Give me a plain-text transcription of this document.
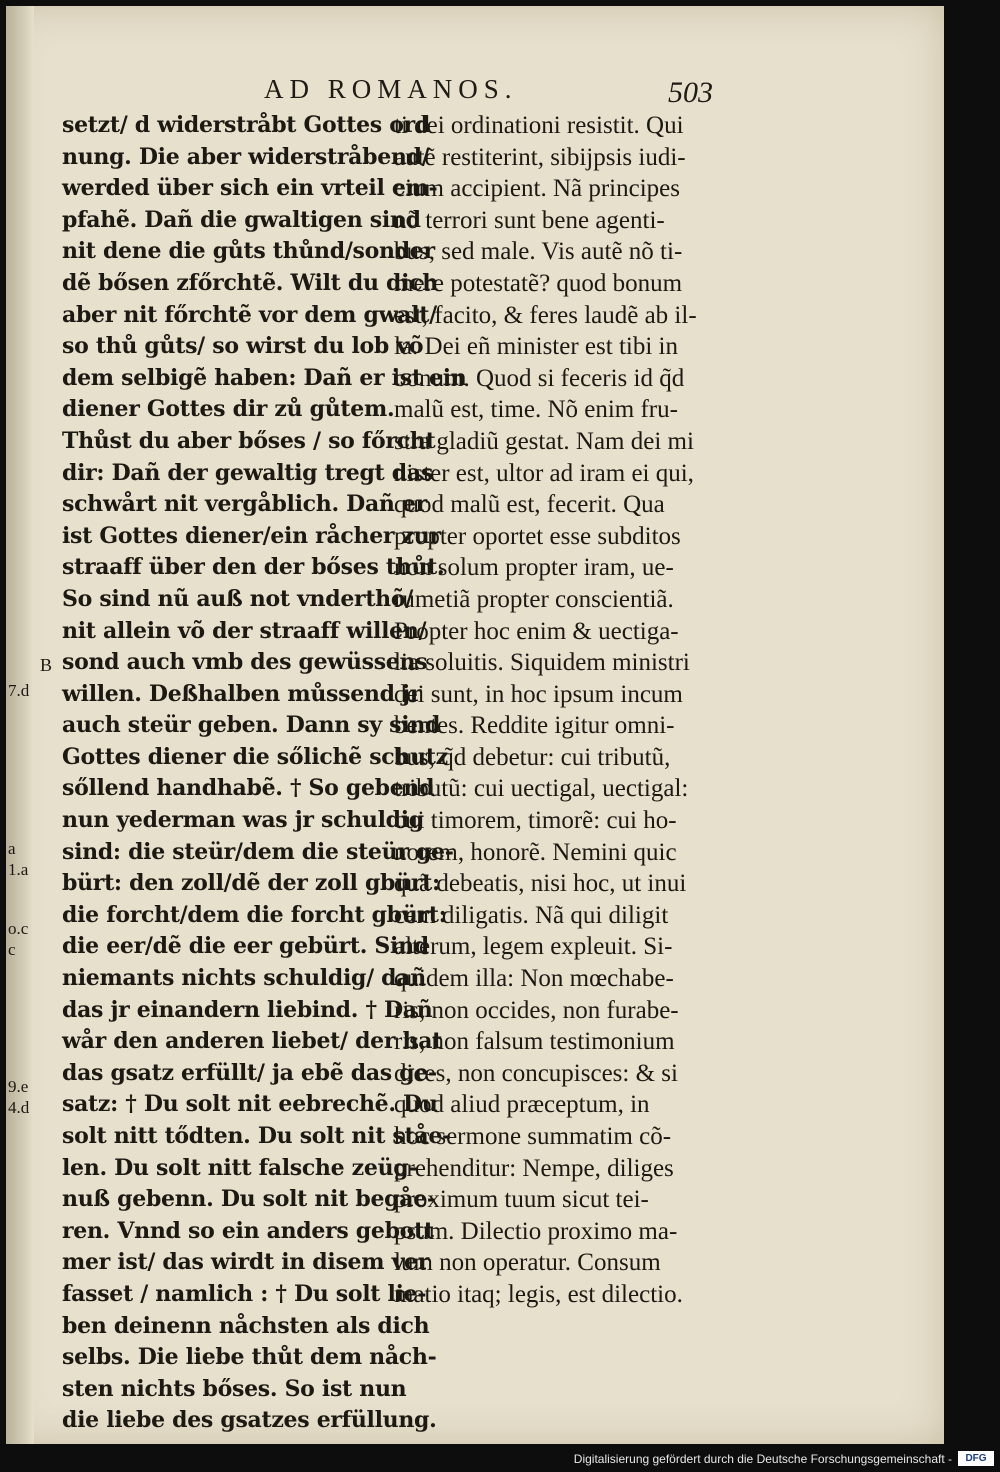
AD ROMANOS.	503
setzt/ d widerstråbt Gottes ord
nung. Die aber widerstråbend/
werded über sich ein vrteil em-
pfahẽ. Dañ die gwaltigen sind
nit dene die gůts thůnd/sonder
dẽ bősen zfőrchtẽ. Wilt du dich
aber nit főrchtẽ vor dem gwalt/
so thů gůts/ so wirst du lob võ
dem selbigẽ haben: Dañ er ist ein
diener Gottes dir zů gůtem.
Thůst du aber bőses / so főrcht
dir: Dañ der gewaltig tregt das
schwårt nit vergåblich. Dañ er
ist Gottes diener/ein råcher zur
straaff über den der bőses thůt.
So sind nũ auß not vnderthõ/
nit allein võ der straaff willen/
sond auch vmb des gewüssens
willen. Deßhalben můssend jr
auch steür geben. Dann sy sind
Gottes diener die sőlichẽ schutz
sőllend handhabẽ. † So gebend
nun yederman was jr schuldig
sind: die steür/dem die steür ge-
bürt: den zoll/dẽ der zoll gbürt:
die forcht/dem die forcht gbürt:
die eer/dẽ die eer gebürt. Sind
niemants nichts schuldig/ dañ
das jr einandern liebind. † Dañ
wår den anderen liebet/ der hat
das gsatz erfüllt/ ja ebẽ das ge-
satz: † Du solt nit eebrechẽ. Du
solt nitt tődten. Du solt nit ståe-
len. Du solt nitt falsche zeüg-
nuß gebenn. Du solt nit begåe-
ren. Vnnd so ein anders gebott
mer ist/ das wirdt in disem ver
fasset / namlich : † Du solt lie-
ben deinenn nåchsten als dich
selbs. Die liebe thůt dem nåch-
sten nichts bőses. So ist nun
die liebe des gsatzes erfüllung.
ti dei ordinationi resistit. Qui
autẽ restiterint, sibijpsis iudi-
cium accipient. Nã principes
nõ terrori sunt bene agenti-
bus, sed male. Vis autẽ nõ ti-
mere potestatẽ? quod bonum
est, facito, & feres laudẽ ab il-
la. Dei eñ minister est tibi in
bonum. Quod si feceris id q̃d
malũ est, time. Nõ enim fru-
stra gladiũ gestat. Nam dei mi
nister est, ultor ad iram ei qui,
quod malũ est, fecerit. Qua
propter oportet esse subditos
non solum propter iram, ue-
rumetiã propter conscientiã.
Propter hoc enim & uectiga-
lia soluitis. Siquidem ministri
dei sunt, in hoc ipsum incum
bentes. Reddite igitur omni-
bus, q̃d debetur: cui tributũ,
tributũ: cui uectigal, uectigal:
cui timorem, timorẽ: cui ho-
norem, honorẽ. Nemini quic
quã debeatis, nisi hoc, ut inui
cem diligatis. Nã qui diligit
alterum, legem expleuit. Si-
quidem illa: Non mœchabe-
ris, non occides, non furabe-
ris, non falsum testimonium
dices, non concupisces: & si
quod aliud præceptum, in
hoc sermone summatim cõ-
prehenditur: Nempe, diliges
proximum tuum sicut tei-
psum. Dilectio proximo ma-
lum non operatur. Consum
matio itaq; legis, est dilectio.
B
7.d
a
1.a
o.c
c
9.e
4.d
Digitalisierung gefördert durch die Deutsche Forschungsgemeinschaft -	DFG
